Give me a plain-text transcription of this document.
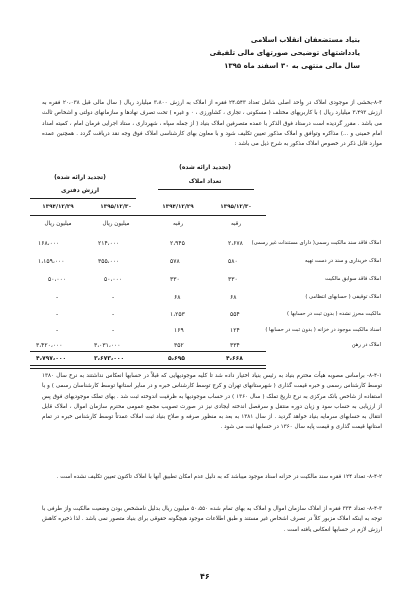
بنیاد مستضعفان انقلاب اسلامی
یادداشتهای توضیحی صورتهای مالی تلفیقی
سال مالی منتهی به ۳۰ اسفند ماه ۱۳۹۵
۸-۴-بخشی از موجودی املاک در واحد اصلی شامل تعداد ۲۴،۵۴۳ فقره از املاک به ارزش ۳،۸۰۰ میلیارد ریال ( سال مالی قبل ۲۰،۰۳۸ فقره به ارزش ۳،۴۹۳ میلیارد ریال ) با کاربریهای مختلف ( مسکونی ، تجاری ، کشاورزی ، ۰ و غیره ) تحت تصرف نهادها و سازمانهای دولتی و اشخاص ثالث می باشد . مقرر گردیده است درستاد فوق الذکر با عمده متصرفین املاک بنیاد ( از جمله سپاه ، شهرداری ، ستاد اجرایی فرمان امام ، کمیته امداد امام خمینی و ...) مذاکره وتوافق و املاک مذکور تعیین تکلیف شود و با معاون بهای کارشناسی املاک فوق وجه نقد دریافت گردد . همچنین عمده موارد قابل ذکر در خصوص املاک مذکور به شرح ذیل می باشد :
(تجدید ارائه شده)
تعداد املاک
(تجدید ارائه شده)
ارزش دفتری
۱۳۹۵/۱۲/۳۰
۱۳۹۴/۱۲/۲۹
۱۳۹۵/۱۲/۳۰
۱۳۹۴/۱۲/۲۹
رقبه
رقبه
میلیون ریال
میلیون ریال
املاک فاقد سند مالکیت رسمی( دارای مستندات غیر رسمی)
۲،۶۷۸
۲،۹۴۵
۲۱۴،۰۰۰
۱۶۸،۰۰۰
املاک خریداری و سند در دست تهیه
۵۸۰
۵۷۸
۳۵۵،۰۰۰
۱،۱۵۹،۰۰۰
املاک فاقد سوابق مالکیت
۳۳۰
۳۳۰
۵۰،۰۰۰
۵۰،۰۰۰
املاک توقیفی ( حسابهای انتظامی )
۶۸
۶۸
-
-
مالکیت محرز نشده ( بدون ثبت در حسابها )
۵۵۴
۱،۲۵۳
-
-
اسناد مالکیت موجود در خزانه ( بدون ثبت در حسابها )
۱۲۴
۱۶۹
-
-
املاک در رهن
۳۳۴
۳۵۲
۳،۰۳۱،۰۰۰
۳،۴۲۰،۰۰۰
۴،۶۶۸
۵،۶۹۵
۳،۶۷۳،۰۰۰
۴،۷۹۷،۰۰۰
۸-۴-۱- براساس مصوبه هیأت محترم بنیاد به رئیس بنیاد اختیار داده شد تا کلیه موجودیهایی که قبلاً در حسابها انعکاس نداشتند به نرخ سال ۱۳۸۰ توسط کارشناس رسمی و خبره قیمت گذاری ( شهرستانهای تهران و کرج توسط کارشناس خبره و در سایر استانها توسط کارشناسان رسمی ) و با استفاده از شاخص بانک مرکزی به نرخ تاریخ تملک ( سال ۱۳۶۰ ) در حساب موجودیها به ظرفیت اندوخته ثبت شد . بهای تملک موجودیهای فوق پس از ارزیابی به حساب سود و زیان دوره منتقل و سرفصل اندخته ایجادی نیز در صورت تصویب مجمع عمومی محترم سازمان اموال ، املاک قابل انتقال به حسابهای سرمایه بنیاد خواهد گردید . از سال ۱۳۸۱ به بعد به منظور صرفه و صلاح بنیاد ثبت املاک عمدتاً توسط کارشناس خبره در تمام استانها قیمت گذاری و قیمت پایه سال ۱۳۶۰ در حسابها ثبت می شود .
۸-۴-۲- تعداد ۱۲۴ فقره سند مالکیت در خزانه اسناد موجود میباشد که به دلیل عدم امکان تطبیق آنها با املاک تاکنون تعیین تکلیف نشده است .
۸-۴-۳- تعداد ۳۳۴ فقره از املاک سازمان اموال و املاک به بهای تمام شده ۵۰،۵۵۰ میلیون ریال بدلیل نامشخص بودن وضعیت مالکیت واز طرفی با توجه به اینکه املاک مزبور کلاً در تصرف اشخاص غیر مستند و طبق اطلاعات موجود هیچگونه حقوقی برای بنیاد متصور نمی باشد . لذا ذخیره کاهش ارزش لازم در حسابها انعکاس یافته است .
۴۶
